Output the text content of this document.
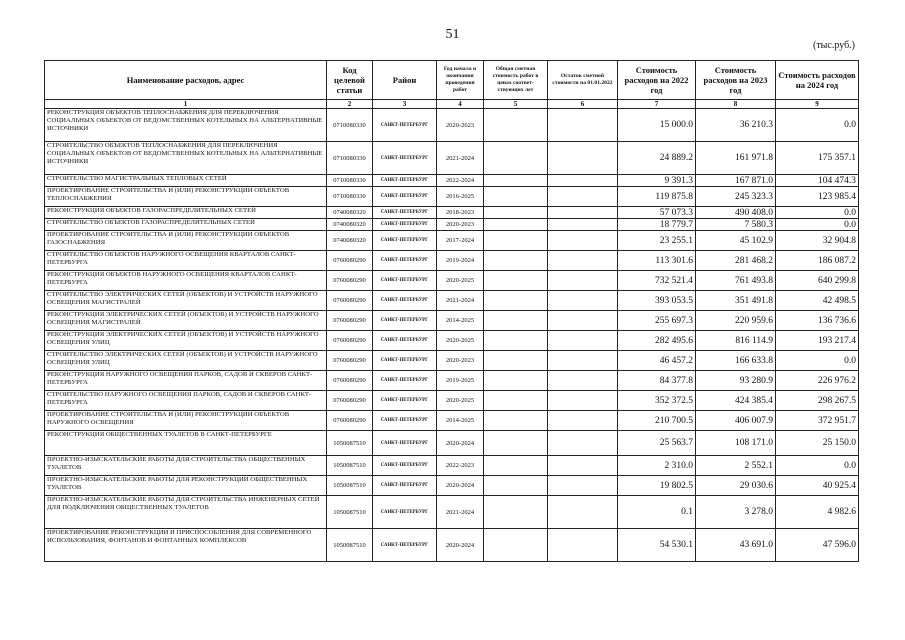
51
(тыс.руб.)
Наименование расходов, адрес	Код целевой статьи	Район	Год начала и окончания проведения работ	Общая сметная стоимость работ в ценах соответ-ствующих лет	Остаток сметной стоимости на 01.01.2022	Стоимость расходов на 2022 год	Стоимость расходов на 2023 год	Стоимость расходов на 2024 год
1	2	3	4	5	6	7	8	9
РЕКОНСТРУКЦИЯ ОБЪЕКТОВ ТЕПЛОСНАБЖЕНИЯ ДЛЯ ПЕРЕКЛЮЧЕНИЯ СОЦИАЛЬНЫХ ОБЪЕКТОВ ОТ ВЕДОМСТВЕННЫХ КОТЕЛЬНЫХ НА АЛЬТЕРНАТИВНЫЕ ИСТОЧНИКИ	0710080330	САНКТ-ПЕТЕРБУРГ	2020-2023			15 000.0	36 210.3	0.0
СТРОИТЕЛЬСТВО ОБЪЕКТОВ ТЕПЛОСНАБЖЕНИЯ ДЛЯ ПЕРЕКЛЮЧЕНИЯ СОЦИАЛЬНЫХ ОБЪЕКТОВ ОТ ВЕДОМСТВЕННЫХ КОТЕЛЬНЫХ НА АЛЬТЕРНАТИВНЫЕ ИСТОЧНИКИ	0710080330	САНКТ-ПЕТЕРБУРГ	2021-2024			24 889.2	161 971.8	175 357.1
СТРОИТЕЛЬСТВО МАГИСТРАЛЬНЫХ ТЕПЛОВЫХ СЕТЕЙ	0710080330	САНКТ-ПЕТЕРБУРГ	2022-2024			9 391.3	167 871.0	104 474.3
ПРОЕКТИРОВАНИЕ СТРОИТЕЛЬСТВА И (ИЛИ) РЕКОНСТРУКЦИИ ОБЪЕКТОВ ТЕПЛОСНАБЖЕНИЯ	0710080330	САНКТ-ПЕТЕРБУРГ	2016-2025			119 875.8	245 323.3	123 985.4
РЕКОНСТРУКЦИЯ ОБЪЕКТОВ ГАЗОРАСПРЕДЕЛИТЕЛЬНЫХ СЕТЕЙ	0740080320	САНКТ-ПЕТЕРБУРГ	2018-2023			57 073.3	490 408.0	0.0
СТРОИТЕЛЬСТВО ОБЪЕКТОВ ГАЗОРАСПРЕДЕЛИТЕЛЬНЫХ СЕТЕЙ	0740080320	САНКТ-ПЕТЕРБУРГ	2020-2023			18 779.7	7 580.3	0.0
ПРОЕКТИРОВАНИЕ СТРОИТЕЛЬСТВА И (ИЛИ) РЕКОНСТРУКЦИИ ОБЪЕКТОВ ГАЗОСНАБЖЕНИЯ	0740080320	САНКТ-ПЕТЕРБУРГ	2017-2024			23 255.1	45 102.9	32 904.8
СТРОИТЕЛЬСТВО ОБЪЕКТОВ НАРУЖНОГО ОСВЕЩЕНИЯ КВАРТАЛОВ САНКТ-ПЕТЕРБУРГА	0760080290	САНКТ-ПЕТЕРБУРГ	2019-2024			113 301.6	281 468.2	186 087.2
РЕКОНСТРУКЦИЯ ОБЪЕКТОВ НАРУЖНОГО ОСВЕЩЕНИЯ КВАРТАЛОВ САНКТ-ПЕТЕРБУРГА	0760080290	САНКТ-ПЕТЕРБУРГ	2020-2025			732 521.4	761 493.8	640 299.8
СТРОИТЕЛЬСТВО ЭЛЕКТРИЧЕСКИХ СЕТЕЙ (ОБЪЕКТОВ) И УСТРОЙСТВ НАРУЖНОГО ОСВЕЩЕНИЯ МАГИСТРАЛЕЙ	0760080290	САНКТ-ПЕТЕРБУРГ	2021-2024			393 053.5	351 491.8	42 498.5
РЕКОНСТРУКЦИЯ ЭЛЕКТРИЧЕСКИХ СЕТЕЙ (ОБЪЕКТОВ) И УСТРОЙСТВ НАРУЖНОГО ОСВЕЩЕНИЯ МАГИСТРАЛЕЙ	0760080290	САНКТ-ПЕТЕРБУРГ	2014-2025			255 697.3	220 959.6	136 736.6
РЕКОНСТРУКЦИЯ ЭЛЕКТРИЧЕСКИХ СЕТЕЙ (ОБЪЕКТОВ) И УСТРОЙСТВ НАРУЖНОГО ОСВЕЩЕНИЯ УЛИЦ	0760080290	САНКТ-ПЕТЕРБУРГ	2020-2025			282 495.6	816 114.9	193 217.4
СТРОИТЕЛЬСТВО ЭЛЕКТРИЧЕСКИХ СЕТЕЙ (ОБЪЕКТОВ) И УСТРОЙСТВ НАРУЖНОГО ОСВЕЩЕНИЯ УЛИЦ	0760080290	САНКТ-ПЕТЕРБУРГ	2020-2023			46 457.2	166 633.8	0.0
РЕКОНСТРУКЦИЯ НАРУЖНОГО ОСВЕЩЕНИЯ ПАРКОВ, САДОВ И СКВЕРОВ САНКТ-ПЕТЕРБУРГА	0760080290	САНКТ-ПЕТЕРБУРГ	2019-2025			84 377.8	93 280.9	226 976.2
СТРОИТЕЛЬСТВО НАРУЖНОГО ОСВЕЩЕНИЯ ПАРКОВ, САДОВ И СКВЕРОВ САНКТ-ПЕТЕРБУРГА	0760080290	САНКТ-ПЕТЕРБУРГ	2020-2025			352 372.5	424 385.4	298 267.5
ПРОЕКТИРОВАНИЕ СТРОИТЕЛЬСТВА И (ИЛИ) РЕКОНСТРУКЦИИ ОБЪЕКТОВ НАРУЖНОГО ОСВЕЩЕНИЯ	0760080290	САНКТ-ПЕТЕРБУРГ	2014-2025			210 700.5	406 007.9	372 951.7
РЕКОНСТРУКЦИЯ ОБЩЕСТВЕННЫХ ТУАЛЕТОВ В САНКТ-ПЕТЕРБУРГЕ	1050087510	САНКТ-ПЕТЕРБУРГ	2020-2024			25 563.7	108 171.0	25 150.0
ПРОЕКТНО-ИЗЫСКАТЕЛЬСКИЕ РАБОТЫ ДЛЯ СТРОИТЕЛЬСТВА ОБЩЕСТВЕННЫХ ТУАЛЕТОВ	1050087510	САНКТ-ПЕТЕРБУРГ	2022-2023			2 310.0	2 552.1	0.0
ПРОЕКТНО-ИЗЫСКАТЕЛЬСКИЕ РАБОТЫ ДЛЯ РЕКОНСТРУКЦИИ ОБЩЕСТВЕННЫХ ТУАЛЕТОВ	1050087510	САНКТ-ПЕТЕРБУРГ	2020-2024			19 802.5	29 030.6	40 925.4
ПРОЕКТНО-ИЗЫСКАТЕЛЬСКИЕ РАБОТЫ ДЛЯ СТРОИТЕЛЬСТВА ИНЖЕНЕРНЫХ СЕТЕЙ ДЛЯ ПОДКЛЮЧЕНИЯ ОБЩЕСТВЕННЫХ ТУАЛЕТОВ	1050087510	САНКТ-ПЕТЕРБУРГ	2021-2024			0.1	3 278.0	4 982.6
ПРОЕКТИРОВАНИЕ РЕКОНСТРУКЦИИ И ПРИСПОСОБЛЕНИЯ ДЛЯ СОВРЕМЕННОГО ИСПОЛЬЗОВАНИЯ, ФОНТАНОВ И ФОНТАННЫХ КОМПЛЕКСОВ	1050087510	САНКТ-ПЕТЕРБУРГ	2020-2024			54 530.1	43 691.0	47 596.0
